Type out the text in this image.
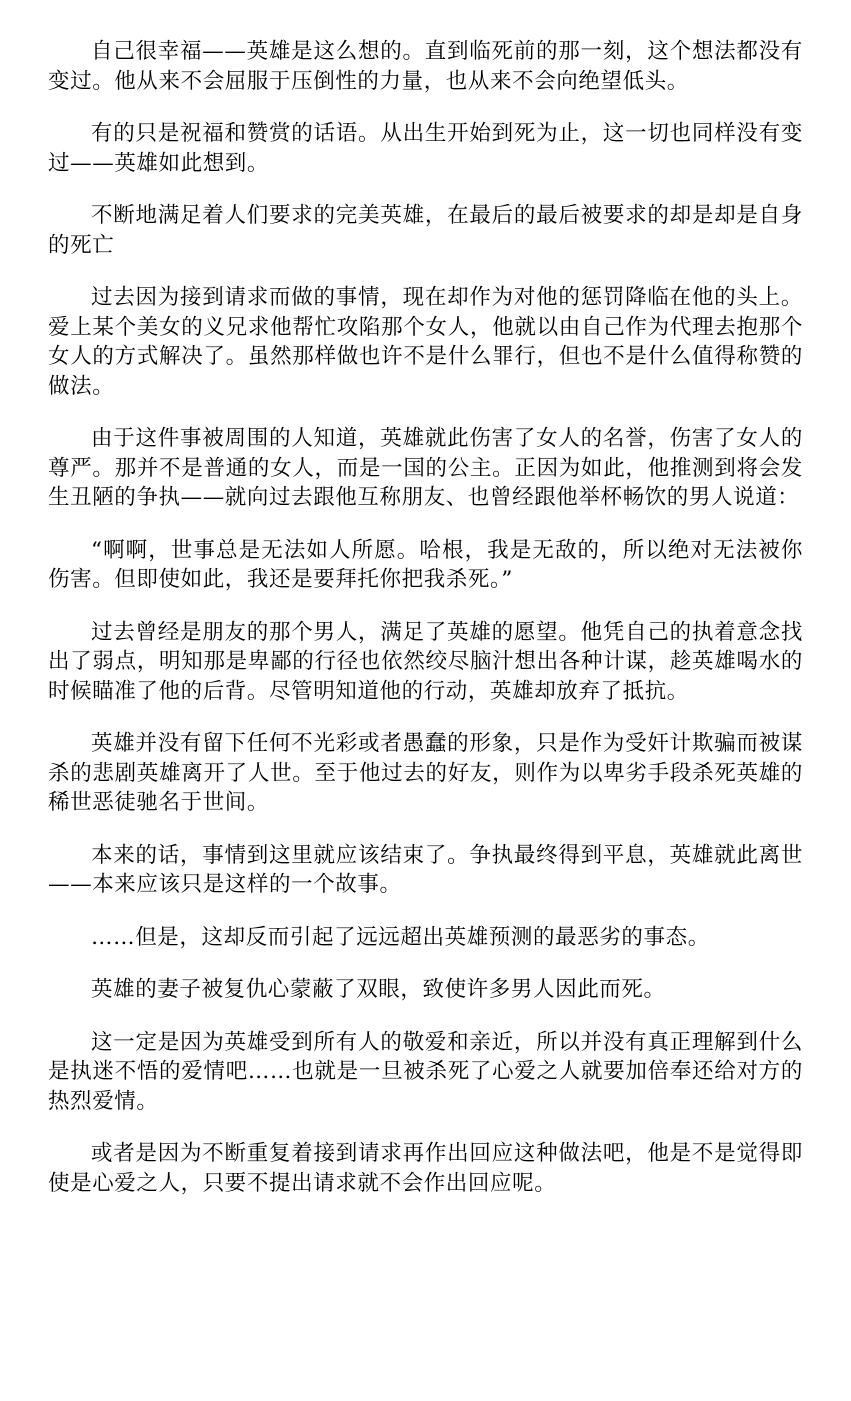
自己很幸福——英雄是这么想的。直到临死前的那一刻，这个想法都没有变过。他从来不会屈服于压倒性的力量，也从来不会向绝望低头。

有的只是祝福和赞赏的话语。从出生开始到死为止，这一切也同样没有变过——英雄如此想到。

不断地满足着人们要求的完美英雄，在最后的最后被要求的却是却是自身的死亡

过去因为接到请求而做的事情，现在却作为对他的惩罚降临在他的头上。爱上某个美女的义兄求他帮忙攻陷那个女人，他就以由自己作为代理去抱那个女人的方式解决了。虽然那样做也许不是什么罪行，但也不是什么值得称赞的做法。

由于这件事被周围的人知道，英雄就此伤害了女人的名誉，伤害了女人的尊严。那并不是普通的女人，而是一国的公主。正因为如此，他推测到将会发生丑陋的争执——就向过去跟他互称朋友、也曾经跟他举杯畅饮的男人说道：

“啊啊，世事总是无法如人所愿。哈根，我是无敌的，所以绝对无法被你伤害。但即使如此，我还是要拜托你把我杀死。”

过去曾经是朋友的那个男人，满足了英雄的愿望。他凭自己的执着意念找出了弱点，明知那是卑鄙的行径也依然绞尽脑汁想出各种计谋，趁英雄喝水的时候瞄准了他的后背。尽管明知道他的行动，英雄却放弃了抵抗。

英雄并没有留下任何不光彩或者愚蠢的形象，只是作为受奸计欺骗而被谋杀的悲剧英雄离开了人世。至于他过去的好友，则作为以卑劣手段杀死英雄的稀世恶徒驰名于世间。

本来的话，事情到这里就应该结束了。争执最终得到平息，英雄就此离世——本来应该只是这样的一个故事。

……但是，这却反而引起了远远超出英雄预测的最恶劣的事态。

英雄的妻子被复仇心蒙蔽了双眼，致使许多男人因此而死。

这一定是因为英雄受到所有人的敬爱和亲近，所以并没有真正理解到什么是执迷不悟的爱情吧……也就是一旦被杀死了心爱之人就要加倍奉还给对方的热烈爱情。

或者是因为不断重复着接到请求再作出回应这种做法吧，他是不是觉得即使是心爱之人，只要不提出请求就不会作出回应呢。
